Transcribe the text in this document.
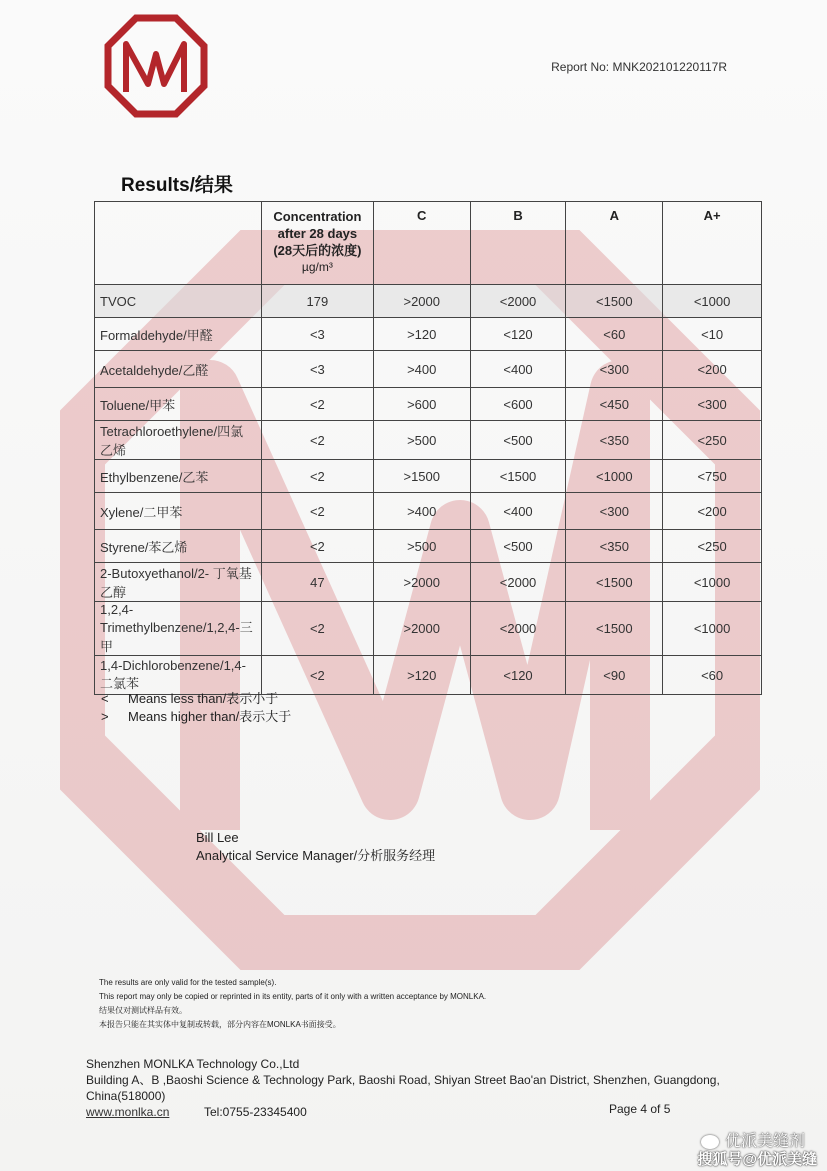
Report No: MNK202101220117R
Results/结果

	Concentration
after 28 days
(28天后的浓度)
µg/m³	C	B	A	A+
TVOC	179	>2000	<2000	<1500	<1000
Formaldehyde/甲醛	<3	>120	<120	<60	<10
Acetaldehyde/乙醛	<3	>400	<400	<300	<200
Toluene/甲苯	<2	>600	<600	<450	<300
Tetrachloroethylene/四氯乙烯	<2	>500	<500	<350	<250
Ethylbenzene/乙苯	<2	>1500	<1500	<1000	<750
Xylene/二甲苯	<2	>400	<400	<300	<200
Styrene/苯乙烯	<2	>500	<500	<350	<250
2-Butoxyethanol/2- 丁氧基乙醇	47	>2000	<2000	<1500	<1000
1,2,4-Trimethylbenzene/1,2,4-三甲	<2	>2000	<2000	<1500	<1000
1,4-Dichlorobenzene/1,4-二氯苯	<2	>120	<120	<90	<60
< Means less than/表示小于
> Means higher than/表示大于
Bill Lee
Analytical Service Manager/分析服务经理
The results are only valid for the tested sample(s).
This report may only be copied or reprinted in its entity, parts of it only with a written acceptance by MONLKA.
结果仅对测试样品有效。
本报告只能在其实体中复制或转载，部分内容在MONLKA书面接受。
Shenzhen MONLKA Technology Co.,Ltd
Building A、B ,Baoshi Science & Technology Park, Baoshi Road, Shiyan Street Bao'an District, Shenzhen, Guangdong,
China(518000)
www.monlka.cn	Tel:0755-23345400	Page 4 of 5
优派美缝剂
搜狐号@优派美缝
